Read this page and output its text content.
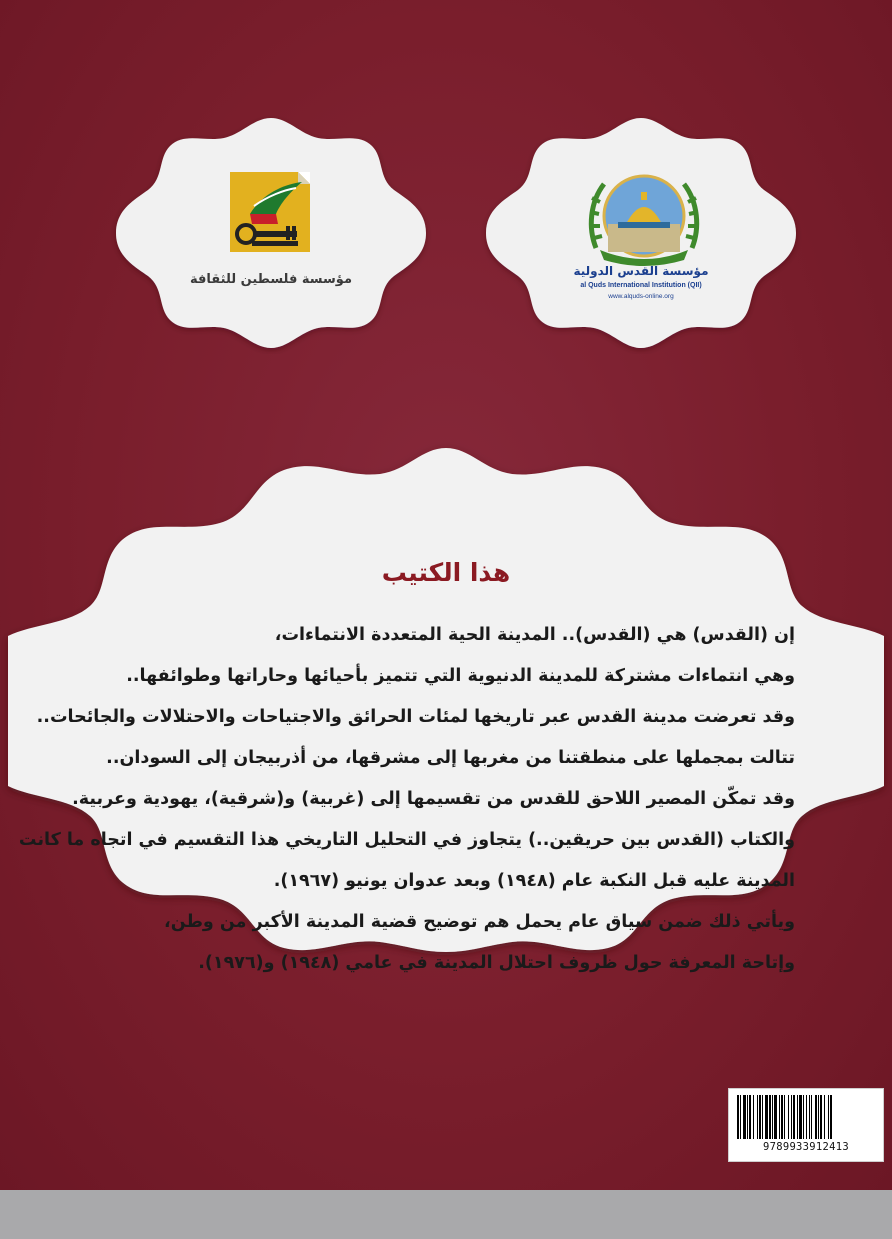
مؤسسة فلسطين للثقافة
مؤسسة القدس الدولية
al Quds International Institution (QII)
www.alquds-online.org
هذا الكتيب

إن (القدس) هي (القدس).. المدينة الحية المتعددة الانتماءات،

وهي انتماءات مشتركة للمدينة الدنيوية التي تتميز بأحيائها وحاراتها وطوائفها..

وقد تعرضت مدينة القدس عبر تاريخها لمئات الحرائق والاجتياحات والاحتلالات والجائحات..

تتالت بمجملها على منطقتنا من مغربها إلى مشرقها، من أذربيجان إلى السودان..

وقد تمكّن المصير اللاحق للقدس من تقسيمها إلى (غربية) و(شرقية)، يهودية وعربية.

والكتاب (القدس بين حريقين..) يتجاوز في التحليل التاريخي هذا التقسيم في اتجاه ما كانت

المدينة عليه قبل النكبة عام (١٩٤٨) وبعد عدوان يونيو (١٩٦٧).

ويأتي ذلك ضمن سياق عام يحمل هم توضيح قضية المدينة الأكبر من وطن،

وإتاحة المعرفة حول ظروف احتلال المدينة في عامي (١٩٤٨) و(١٩٧٦).

9789933912413
